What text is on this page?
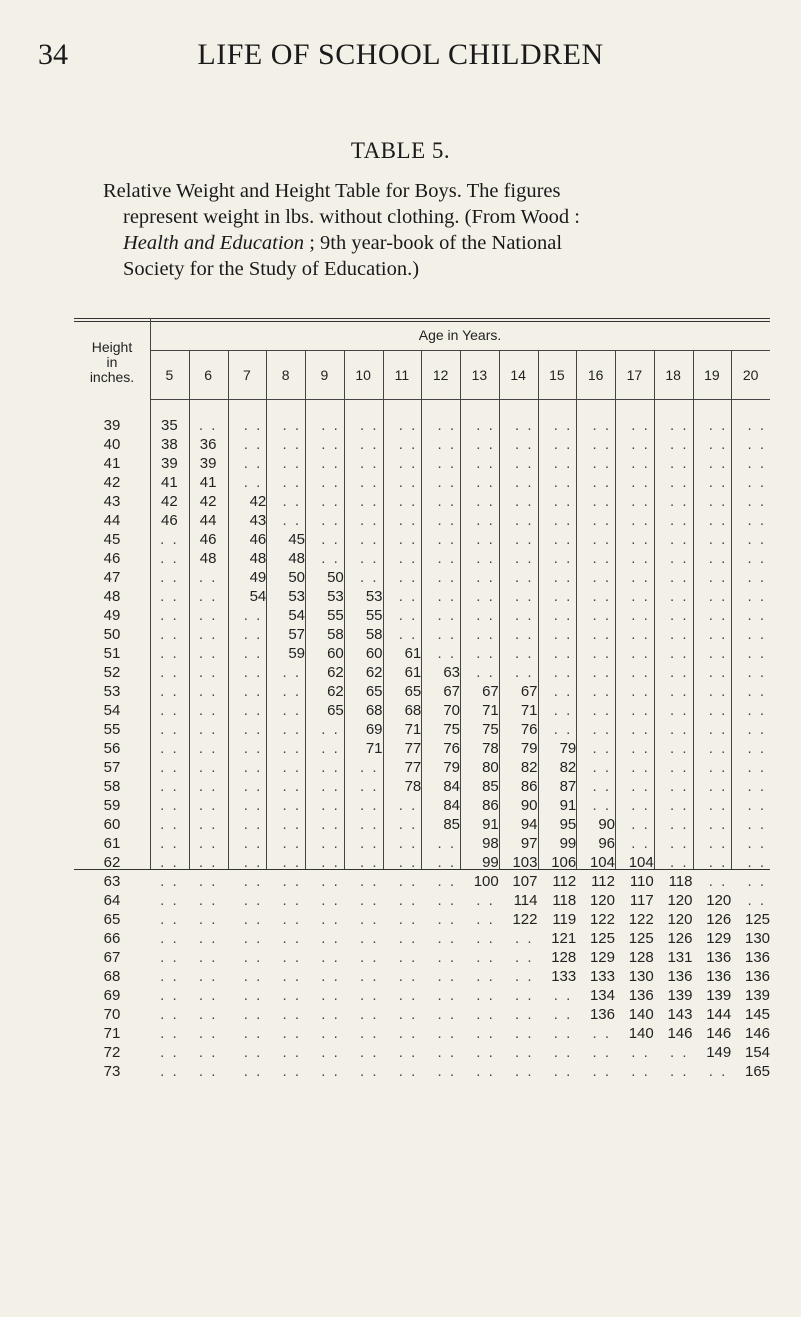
34	LIFE OF SCHOOL CHILDREN
TABLE 5.
Relative Weight and Height Table for Boys. The figures
represent weight in lbs. without clothing. (From Wood :
Health and Education ; 9th year-book of the National
Society for the Study of Education.)
Height
in
inches.	Age in Years.															
	5	6	7	8	9	10	11	12	13	14	15	16	17	18	19	20

39	35	. .	. .	. .	. .	. .	. .	. .	. .	. .	. .	. .	. .	. .	. .	. .
40	38	36	. .	. .	. .	. .	. .	. .	. .	. .	. .	. .	. .	. .	. .	. .
41	39	39	. .	. .	. .	. .	. .	. .	. .	. .	. .	. .	. .	. .	. .	. .
42	41	41	. .	. .	. .	. .	. .	. .	. .	. .	. .	. .	. .	. .	. .	. .
43	42	42	42	. .	. .	. .	. .	. .	. .	. .	. .	. .	. .	. .	. .	. .
44	46	44	43	. .	. .	. .	. .	. .	. .	. .	. .	. .	. .	. .	. .	. .
45	. .	46	46	45	. .	. .	. .	. .	. .	. .	. .	. .	. .	. .	. .	. .
46	. .	48	48	48	. .	. .	. .	. .	. .	. .	. .	. .	. .	. .	. .	. .
47	. .	. .	49	50	50	. .	. .	. .	. .	. .	. .	. .	. .	. .	. .	. .
48	. .	. .	54	53	53	53	. .	. .	. .	. .	. .	. .	. .	. .	. .	. .
49	. .	. .	. .	54	55	55	. .	. .	. .	. .	. .	. .	. .	. .	. .	. .
50	. .	. .	. .	57	58	58	. .	. .	. .	. .	. .	. .	. .	. .	. .	. .
51	. .	. .	. .	59	60	60	61	. .	. .	. .	. .	. .	. .	. .	. .	. .
52	. .	. .	. .	. .	62	62	61	63	. .	. .	. .	. .	. .	. .	. .	. .
53	. .	. .	. .	. .	62	65	65	67	67	67	. .	. .	. .	. .	. .	. .
54	. .	. .	. .	. .	65	68	68	70	71	71	. .	. .	. .	. .	. .	. .
55	. .	. .	. .	. .	. .	69	71	75	75	76	. .	. .	. .	. .	. .	. .
56	. .	. .	. .	. .	. .	71	77	76	78	79	79	. .	. .	. .	. .	. .
57	. .	. .	. .	. .	. .	. .	77	79	80	82	82	. .	. .	. .	. .	. .
58	. .	. .	. .	. .	. .	. .	78	84	85	86	87	. .	. .	. .	. .	. .
59	. .	. .	. .	. .	. .	. .	. .	84	86	90	91	. .	. .	. .	. .	. .
60	. .	. .	. .	. .	. .	. .	. .	85	91	94	95	90	. .	. .	. .	. .
61	. .	. .	. .	. .	. .	. .	. .	. .	98	97	99	96	. .	. .	. .	. .
62	. .	. .	. .	. .	. .	. .	. .	. .	99	103	106	104	104	. .	. .	. .
63	. .	. .	. .	. .	. .	. .	. .	. .	100	107	112	112	110	118	. .	. .
64	. .	. .	. .	. .	. .	. .	. .	. .	. .	114	118	120	117	120	120	. .
65	. .	. .	. .	. .	. .	. .	. .	. .	. .	122	119	122	122	120	126	125
66	. .	. .	. .	. .	. .	. .	. .	. .	. .	. .	121	125	125	126	129	130
67	. .	. .	. .	. .	. .	. .	. .	. .	. .	. .	128	129	128	131	136	136
68	. .	. .	. .	. .	. .	. .	. .	. .	. .	. .	133	133	130	136	136	136
69	. .	. .	. .	. .	. .	. .	. .	. .	. .	. .	. .	134	136	139	139	139
70	. .	. .	. .	. .	. .	. .	. .	. .	. .	. .	. .	136	140	143	144	145
71	. .	. .	. .	. .	. .	. .	. .	. .	. .	. .	. .	. .	140	146	146	146
72	. .	. .	. .	. .	. .	. .	. .	. .	. .	. .	. .	. .	. .	. .	149	154
73	. .	. .	. .	. .	. .	. .	. .	. .	. .	. .	. .	. .	. .	. .	. .	165
